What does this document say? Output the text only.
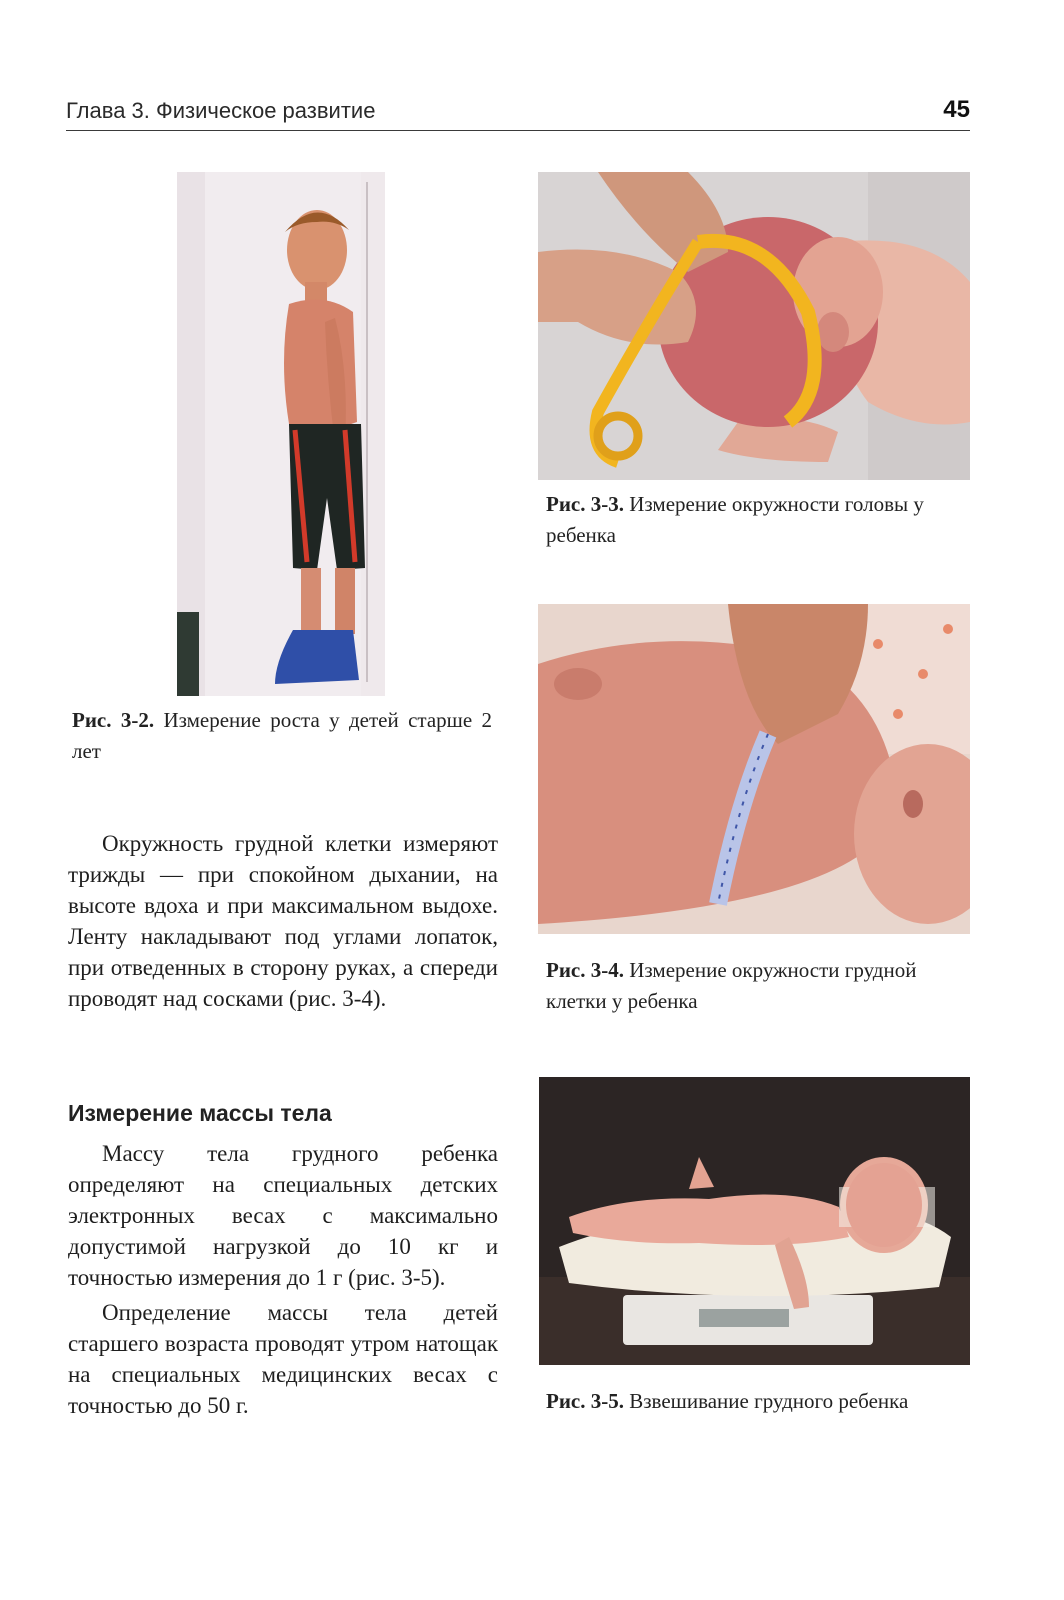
Глава 3. Физическое развитие	45
Рис. 3-2. Измерение роста у детей старше 2 лет
Рис. 3-3. Измерение окружности головы у ребенка
Рис. 3-4. Измерение окружности грудной клетки у ребенка

Окружность грудной клетки измеряют трижды — при спокойном дыхании, на высоте вдоха и при максимальном выдохе. Ленту накладывают под углами лопаток, при отведенных в сторону руках, а спереди проводят над сосками (рис. 3-4).

Измерение массы тела

Массу тела грудного ребенка определяют на специальных детских электронных весах с максимально допустимой нагрузкой до 10 кг и точностью измерения до 1 г (рис. 3-5).

Определение массы тела детей старшего возраста проводят утром натощак на специальных медицинских весах с точностью до 50 г.	Рис. 3-5. Взвешивание грудного ребенка
